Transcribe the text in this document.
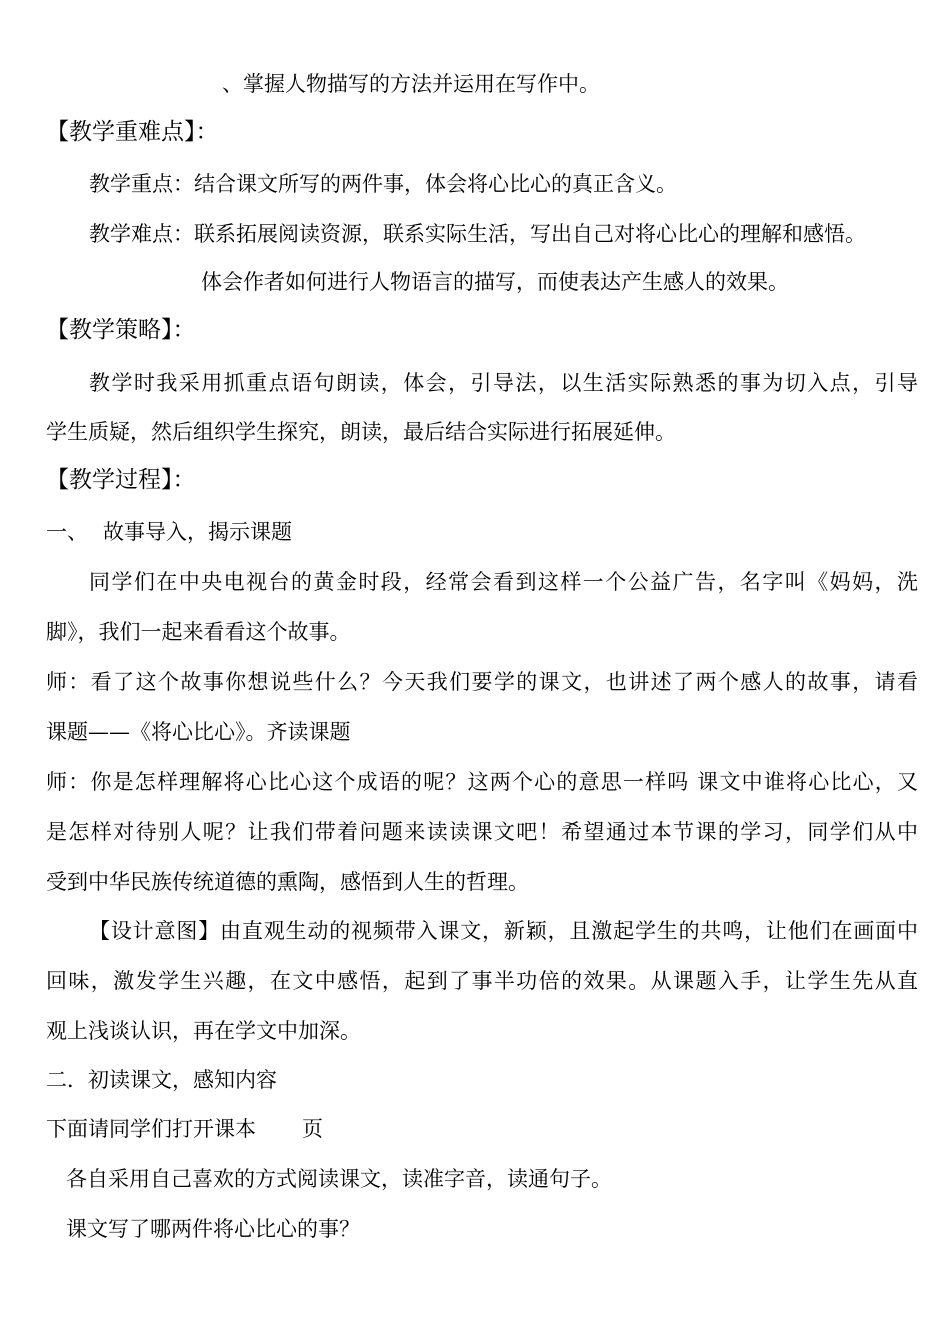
、掌握人物描写的方法并运用在写作中。
【教学重难点】：
教学重点：结合课文所写的两件事，体会将心比心的真正含义。
教学难点：联系拓展阅读资源，联系实际生活，写出自己对将心比心的理解和感悟。
体会作者如何进行人物语言的描写，而使表达产生感人的效果。
【教学策略】：
教学时我采用抓重点语句朗读，体会，引导法，以生活实际熟悉的事为切入点，引导
学生质疑，然后组织学生探究，朗读，最后结合实际进行拓展延伸。
【教学过程】：
一、 故事导入，揭示课题
同学们在中央电视台的黄金时段，经常会看到这样一个公益广告，名字叫《妈妈，洗
脚》，我们一起来看看这个故事。
师：看了这个故事你想说些什么？今天我们要学的课文，也讲述了两个感人的故事，请看
课题——《将心比心》。齐读课题
师：你是怎样理解将心比心这个成语的呢？这两个心的意思一样吗 课文中谁将心比心，又
是怎样对待别人呢？让我们带着问题来读读课文吧！希望通过本节课的学习，同学们从中
受到中华民族传统道德的熏陶，感悟到人生的哲理。
【设计意图】由直观生动的视频带入课文，新颖，且激起学生的共鸣，让他们在画面中
回味，激发学生兴趣，在文中感悟，起到了事半功倍的效果。从课题入手，让学生先从直
观上浅谈认识，再在学文中加深。
二．初读课文，感知内容
下面请同学们打开课本 页
各自采用自己喜欢的方式阅读课文，读准字音，读通句子。
课文写了哪两件将心比心的事？
